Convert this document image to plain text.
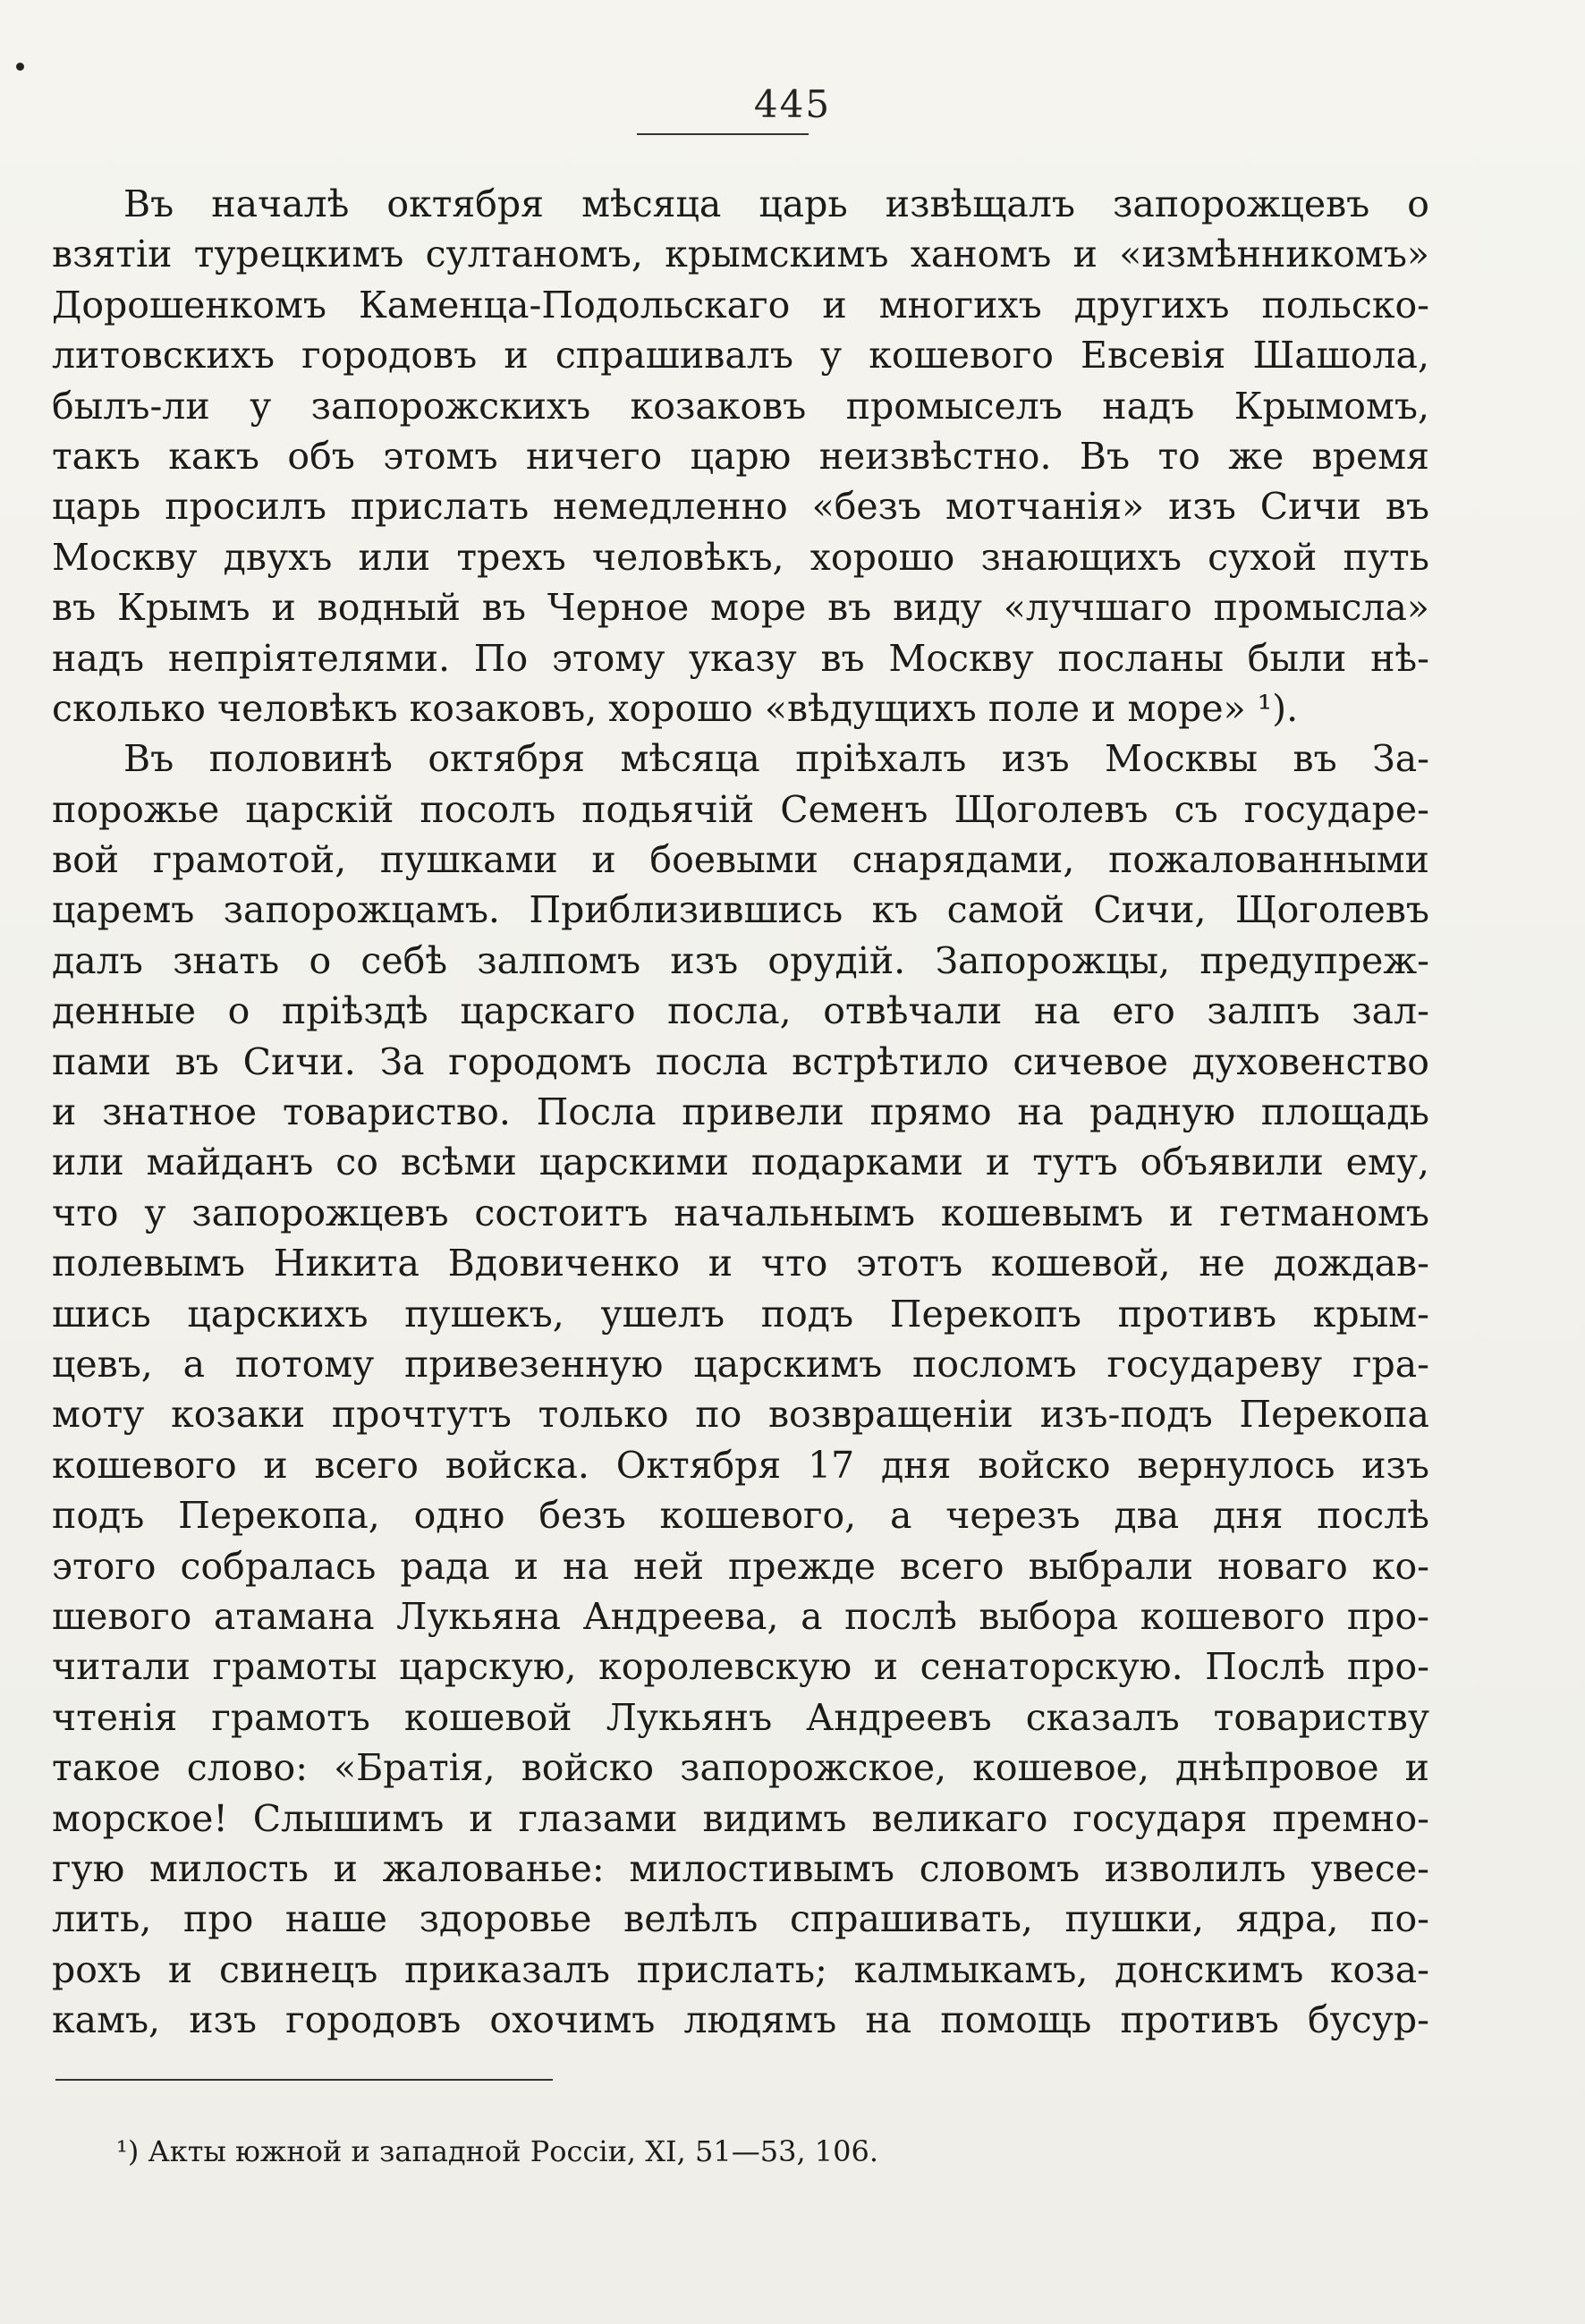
445
Въ началѣ октября мѣсяца царь извѣщалъ запорожцевъ о
взятіи турецкимъ султаномъ, крымскимъ ханомъ и «измѣнникомъ»
Дорошенкомъ Каменца-Подольскаго и многихъ другихъ польско-
литовскихъ городовъ и спрашивалъ у кошевого Евсевія Шашола,
былъ-ли у запорожскихъ козаковъ промыселъ надъ Крымомъ,
такъ какъ объ этомъ ничего царю неизвѣстно. Въ то же время
царь просилъ прислать немедленно «безъ мотчанія» изъ Сичи въ
Москву двухъ или трехъ человѣкъ, хорошо знающихъ сухой путь
въ Крымъ и водный въ Черное море въ виду «лучшаго промысла»
надъ непріятелями. По этому указу въ Москву посланы были нѣ-
сколько человѣкъ козаковъ, хорошо «вѣдущихъ поле и море» ¹).
Въ половинѣ октября мѣсяца пріѣхалъ изъ Москвы въ За-
порожье царскій посолъ подьячій Семенъ Щоголевъ съ государе-
вой грамотой, пушками и боевыми снарядами, пожалованными
царемъ запорожцамъ. Приблизившись къ самой Сичи, Щоголевъ
далъ знать о себѣ залпомъ изъ орудій. Запорожцы, предупреж-
денные о пріѣздѣ царскаго посла, отвѣчали на его залпъ зал-
пами въ Сичи. За городомъ посла встрѣтило сичевое духовенство
и знатное товариство. Посла привели прямо на радную площадь
или майданъ со всѣми царскими подарками и тутъ объявили ему,
что у запорожцевъ состоитъ начальнымъ кошевымъ и гетманомъ
полевымъ Никита Вдовиченко и что этотъ кошевой, не дождав-
шись царскихъ пушекъ, ушелъ подъ Перекопъ противъ крым-
цевъ, а потому привезенную царскимъ посломъ государеву гра-
моту козаки прочтутъ только по возвращеніи изъ-подъ Перекопа
кошевого и всего войска. Октября 17 дня войско вернулось изъ
подъ Перекопа, одно безъ кошевого, а черезъ два дня послѣ
этого собралась рада и на ней прежде всего выбрали новаго ко-
шевого атамана Лукьяна Андреева, а послѣ выбора кошевого про-
читали грамоты царскую, королевскую и сенаторскую. Послѣ про-
чтенія грамотъ кошевой Лукьянъ Андреевъ сказалъ товариству
такое слово: «Братія, войско запорожское, кошевое, днѣпровое и
морское! Слышимъ и глазами видимъ великаго государя премно-
гую милость и жалованье: милостивымъ словомъ изволилъ увесе-
лить, про наше здоровье велѣлъ спрашивать, пушки, ядра, по-
рохъ и свинецъ приказалъ прислать; калмыкамъ, донскимъ коза-
камъ, изъ городовъ охочимъ людямъ на помощь противъ бусур-
¹) Акты южной и западной Россіи, XI, 51—53, 106.
